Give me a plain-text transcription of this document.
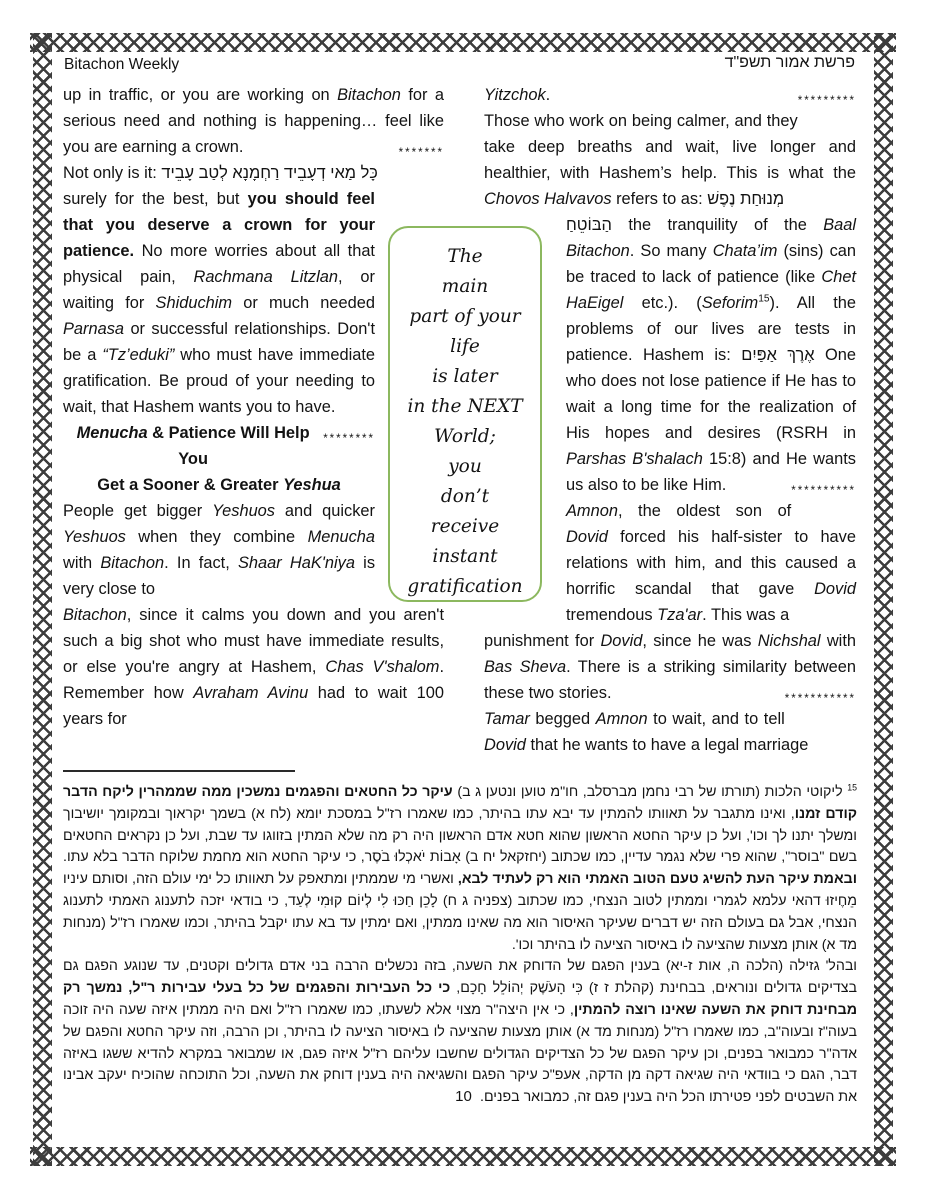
Bitachon Weekly	פרשת אמור תשפ"ד

up in traffic, or you are working on Bitachon for a serious need and nothing is happening… feel like you are earning a crown.	*******

Not only is it: כָּל מַאי דְעָבֵיד רַחְמָנָא לְטַב עָבֵיד

surely for the best, but you should feel that you deserve a crown for your patience. No more worries about all that physical pain, Rachmana Litzlan, or waiting for Shiduchim or much needed Parnasa or successful relationships. Don't be a “Tz’eduki” who must have immediate gratification. Be proud of your needing to wait, that Hashem wants you to have.
********

Menucha & Patience Will Help You
Get a Sooner & Greater Yeshua

People get bigger Yeshuos and quicker Yeshuos when they combine Menucha with Bitachon. In fact, Shaar HaK'niya is very close to

Bitachon, since it calms you down and you aren't such a big shot who must have immediate results, or else you're angry at Hashem, Chas V'shalom. Remember how Avraham Avinu had to wait 100 years for

Yitzchok.	*********

Those who work on being calmer, and they take deep breaths and wait, live longer and healthier, with Hashem’s help. This is what the Chovos Halvavos refers to as: מְנוּחַת נֶפֶשׁ

הַבּוֹטֵחַ the tranquility of the Baal Bitachon. So many Chata’im (sins) can be traced to lack of patience (like Chet HaEigel etc.). (Seforim$^{15}$). All the problems of our lives are tests in patience. Hashem is: אֶרֶךְ אַפַּיִם One who does not lose patience if He has to wait a long time for the realization of His hopes and desires (RSRH in Parshas B'shalach 15:8) and He wants us also to be like Him.	**********

Amnon, the oldest son of Dovid forced his half-sister to have relations with him, and this caused a horrific scandal that gave Dovid tremendous Tza'ar. This was a

punishment for Dovid, since he was Nichshal with Bas Sheva. There is a striking similarity between these two stories.	***********

Tamar begged Amnon to wait, and to tell Dovid that he wants to have a legal marriage

The
main
part of your
life
is later
in the NEXT
World;
you
don’t
receive
instant
gratification

$^{15}$ ליקוטי הלכות (תורתו של רבי נחמן מברסלב, חו"מ טוען ונטען ג ב) עיקר כל החטאים והפגמים נמשכין ממה שממהרין ליקח הדבר קודם זמנו, ואינו מתגבר על תאוותו להמתין עד יבא עתו בהיתר, כמו שאמרו רז"ל במסכת יומא (לח א) בשמך יקראוך ובמקומך יושיבוך ומשלך יתנו לך וכו', ועל כן עיקר החטא הראשון שהוא חטא אדם הראשון היה רק מה שלא המתין בזווגו עד שבת, ועל כן נקראים החטאים בשם "בוסר", שהוא פרי שלא נגמר עדיין, כמו שכתוב (יחזקאל יח ב) אָבוֹת יֹאכְלוּ בֹסֶר, כי עיקר החטא הוא מחמת שלוקח הדבר בלא עתו. ובאמת עיקר העת להשיג טעם הטוב האמתי הוא רק לעתיד לבא, ואשרי מי שממתין ומתאפק על תאוותו כל ימי עולם הזה, וסותם עיניו מֵחֶיזוּ דהאי עלמא לגמרי וממתין לטוב הנצחי, כמו שכתוב (צפניה ג ח) לָכֵן חַכּוּ לִי לְיוֹם קוּמִי לְעַד, כי בודאי יזכה לתענוג האמתי לתענוג הנצחי, אבל גם בעולם הזה יש דברים שעיקר האיסור הוא מה שאינו ממתין, ואם ימתין עד בא עתו יקבל בהיתר, וכמו שאמרו רז"ל (מנחות מד א) אותן מצעות שהציעה לו באיסור הציעה לו בהיתר וכו'.

ובהל' גזילה (הלכה ה, אות ז-יא) בענין הפגם של הדוחק את השעה, בזה נכשלים הרבה בני אדם גדולים וקטנים, עד שנוגע הפגם גם בצדיקים גדולים ונוראים, בבחינת (קהלת ז ז) כִּי הָעֹשֶׁק יְהוֹלֵל חָכָם, כי כל העבירות והפגמים של כל בעלי עבירות ר"ל, נמשך רק מבחינת דוחק את השעה שאינו רוצה להמתין, כי אין היצה"ר מצוי אלא לשעתו, כמו שאמרו רז"ל ואם היה ממתין איזה שעה היה זוכה בעוה"ז ובעוה"ב, כמו שאמרו רז"ל (מנחות מד א) אותן מצעות שהציעה לו באיסור הציעה לו בהיתר, וכן הרבה, וזה עיקר החטא והפגם של אדה"ר כמבואר בפנים, וכן עיקר הפגם של כל הצדיקים הגדולים שחשבו עליהם רז"ל איזה פגם, או שמבואר במקרא להדיא ששגו באיזה דבר, הגם כי בוודאי היה שגיאה דקה מן הדקה, אעפ"כ עיקר הפגם והשגיאה היה בענין דוחק את השעה, וכל התוכחה שהוכיח יעקב אבינו את השבטים לפני פטירתו הכל היה בענין פגם זה, כמבואר בפנים.

10
